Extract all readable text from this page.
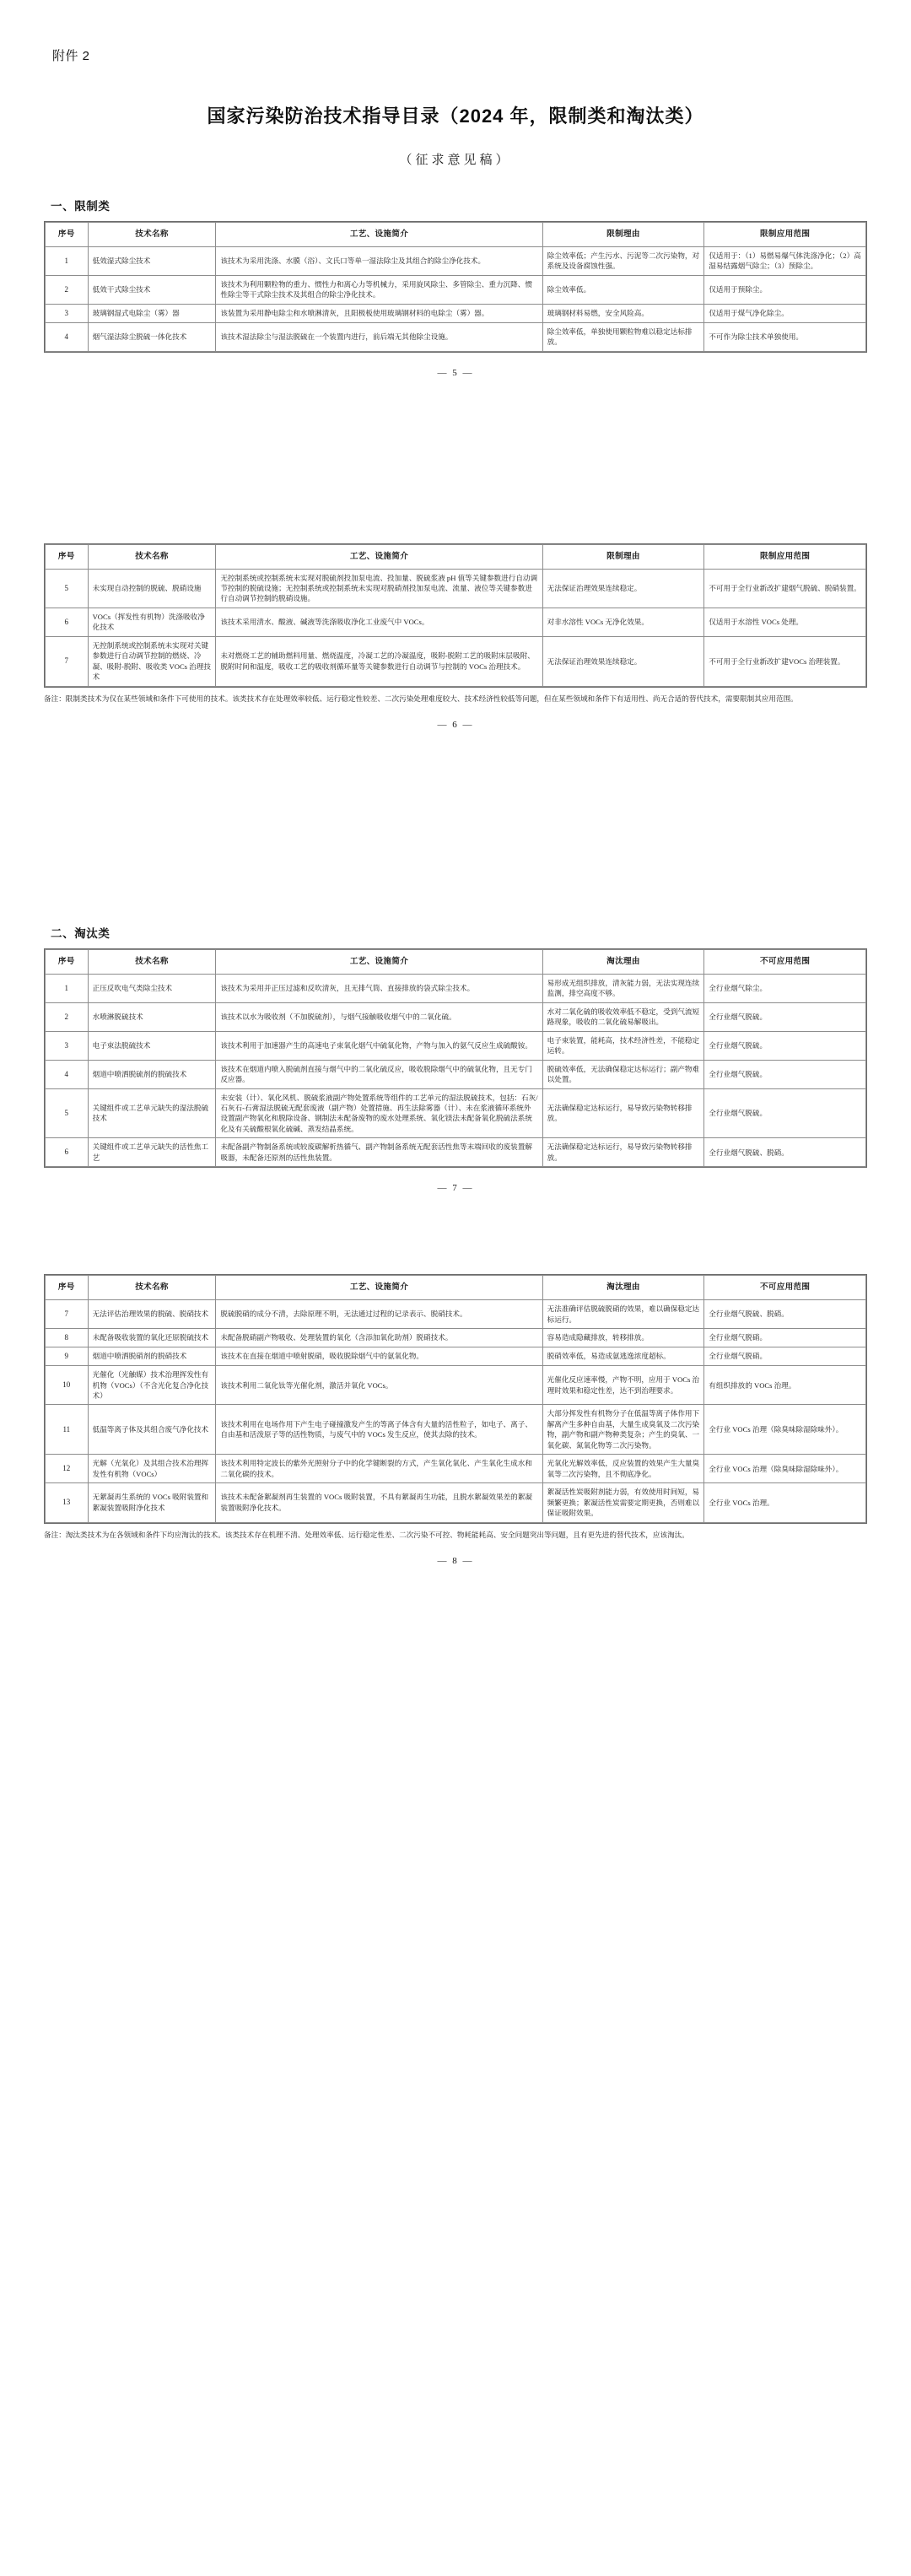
附件 2
国家污染防治技术指导目录（2024 年，限制类和淘汰类）
（征求意见稿）
一、限制类
序号	技术名称	工艺、设施简介	限制理由	限制应用范围
1	低效湿式除尘技术	该技术为采用洗涤、水膜（浴）、文氏口等单一湿法除尘及其组合的除尘净化技术。	除尘效率低；产生污水、污泥等二次污染物，对系统及设备腐蚀性强。	仅适用于：（1）易燃易爆气体洗涤净化；（2）高湿易结露烟气除尘；（3）预除尘。
2	低效干式除尘技术	该技术为利用颗粒物的重力、惯性力和离心力等机械力，采用旋风除尘、多管除尘、重力沉降、惯性除尘等干式除尘技术及其组合的除尘净化技术。	除尘效率低。	仅适用于预除尘。
3	玻璃钢湿式电除尘（雾）器	该装置为采用静电除尘和水喷淋清灰，且阳极板使用玻璃钢材料的电除尘（雾）器。	玻璃钢材料易燃，安全风险高。	仅适用于煤气净化除尘。
4	烟气湿法除尘脱硫一体化技术	该技术湿法除尘与湿法脱硫在一个装置内进行，前后端无其他除尘设施。	除尘效率低，单独使用颗粒物难以稳定达标排放。	不可作为除尘技术单独使用。
— 5 —
序号	技术名称	工艺、设施简介	限制理由	限制应用范围
5	未实现自动控制的脱硫、脱硝设施	无控制系统或控制系统未实现对脱硫剂投加泵电流、投加量、脱硫浆液 pH 值等关键参数进行自动调节控制的脱硫设施；无控制系统或控制系统未实现对脱硝剂投加泵电流、流量、液位等关键参数进行自动调节控制的脱硝设施。	无法保证治理效果连续稳定。	不可用于全行业新改扩建烟气脱硫、脱硝装置。
6	VOCs（挥发性有机物）洗涤吸收净化技术	该技术采用清水、酸液、碱液等洗涤吸收净化工业废气中 VOCs。	对非水溶性 VOCs 无净化效果。	仅适用于水溶性 VOCs 处理。
7	无控制系统或控制系统未实现对关键参数进行自动调节控制的燃烧、冷凝、吸附-脱附、吸收类 VOCs 治理技术	未对燃烧工艺的辅助燃料用量、燃烧温度，冷凝工艺的冷凝温度，吸附-脱附工艺的吸附床层吸附、脱附时间和温度，吸收工艺的吸收剂循环量等关键参数进行自动调节与控制的 VOCs 治理技术。	无法保证治理效果连续稳定。	不可用于全行业新改扩建VOCs 治理装置。
备注：限制类技术为仅在某些领域和条件下可使用的技术。该类技术存在处理效率较低、运行稳定性较差、二次污染处理难度较大、技术经济性较低等问题，但在某些领域和条件下有适用性、尚无合适的替代技术，需要限制其应用范围。
— 6 —
二、淘汰类
序号	技术名称	工艺、设施简介	淘汰理由	不可应用范围
1	正压反吹电气类除尘技术	该技术为采用并正压过滤和反吹清灰，且无排气筒、直接排放的袋式除尘技术。	易形成无组织排放，清灰能力弱，无法实现连续监测，排空高度不够。	全行业烟气除尘。
2	水喷淋脱硫技术	该技术以水为吸收剂（不加脱硫剂），与烟气接触吸收烟气中的二氧化硫。	水对二氧化硫的吸收效率低不稳定，受到气流短路现象，吸收的二氧化硫易解吸出。	全行业烟气脱硫。
3	电子束法脱硫技术	该技术利用于加速器产生的高速电子束氧化烟气中硫氧化物，产物与加入的氨气反应生成硫酸铵。	电子束装置，能耗高，技术经济性差，不能稳定运转。	全行业烟气脱硫。
4	烟道中喷洒脱硫剂的脱硫技术	该技术在烟道内喷入脱硫剂直接与烟气中的二氧化硫反应，吸收脱除烟气中的硫氧化物，且无专门反应器。	脱硫效率低，无法确保稳定达标运行；副产物难以处置。	全行业烟气脱硫。
5	关键组件或工艺单元缺失的湿法脱硫技术	未安装（计）、氧化风机、脱硫浆液副产物处置系统等组件的工艺单元的湿法脱硫技术，包括：石灰/石灰石-石膏湿法脱硫无配套废液（副产物）处置措施、再生法除雾器（计）、未在浆液循环系统外设置副产物氧化和脱除设备、钢制法未配备废物的废水处理系统、氧化镁法未配备氧化脱硫法系统化及有关硫酸根氧化硫碱、蒸发结晶系统。	无法确保稳定达标运行，易导致污染物转移排放。	全行业烟气脱硫。
6	关键组件或工艺单元缺失的活性焦工艺	未配备副产物制备系统或较废碳解析热循气、副产物制备系统无配套活性焦等末端回收的废装置解吸器，未配备还原剂的活性焦装置。	无法确保稳定达标运行，易导致污染物转移排放。	全行业烟气脱硫、脱硝。
— 7 —
序号	技术名称	工艺、设施简介	淘汰理由	不可应用范围
7	无法评估治理效果的脱硫、脱硝技术	脱硫脱硝的成分不清，去除原理不明，无法通过过程的记录表示、脱硝技术。	无法准确评估脱硫脱硝的效果，难以确保稳定达标运行。	全行业烟气脱硫、脱硝。
8	未配备吸收装置的氧化还原脱硫技术	未配备脱硝副产物吸收、处理装置的氧化（含添加氧化助剂）脱硝技术。	容易造成隐藏排放，转移排放。	全行业烟气脱硝。
9	烟道中喷洒脱硝剂的脱硝技术	该技术在直接在烟道中喷射脱硝，吸收脱除烟气中的氨氧化物。	脱硝效率低，易造成氨逃逸浓度超标。	全行业烟气脱硝。
10	光催化（光触媒）技术治理挥发性有机物（VOCs）（不含光化复合净化技术）	该技术利用二氧化钛等光催化剂，激活并氧化 VOCs。	光催化反应速率慢，产物不明，应用于 VOCs 治理时效果和稳定性差，达不到治理要求。	有组织排放的 VOCs 治理。
11	低温等离子体及其组合废气净化技术	该技术利用在电场作用下产生电子碰撞激发产生的等离子体含有大量的活性粒子，如电子、离子、自由基和活泼原子等的活性物质，与废气中的 VOCs 发生反应，使其去除的技术。	大部分挥发性有机物分子在低温等离子体作用下解离产生多种自由基，大量生成臭氧及二次污染物，副产物和副产物种类复杂；产生的臭氧、一氧化碳、氮氧化物等二次污染物。	全行业 VOCs 治理（除臭味除湿除味外）。
12	光解（光氧化）及其组合技术治理挥发性有机物（VOCs）	该技术利用特定波长的紫外光照射分子中的化学键断裂的方式，产生氧化氧化、产生氧化生成水和二氧化碳的技术。	光氧化光解效率低，反应装置的效果产生大量臭氧等二次污染物，且不彻底净化。	全行业 VOCs 治理（除臭味除湿除味外）。
13	无絮凝再生系统的 VOCs 吸附装置和絮凝装置吸附净化技术	该技术未配备絮凝剂再生装置的 VOCs 吸附装置，不具有絮凝再生功能，且脱水絮凝效果差的絮凝装置吸附净化技术。	絮凝活性炭吸附剂能力弱，有效使用时间短，易频繁更换；絮凝活性炭需要定期更换，否则难以保证吸附效果。	全行业 VOCs 治理。
备注：淘汰类技术为在各领域和条件下均应淘汰的技术。该类技术存在机理不清、处理效率低、运行稳定性差、二次污染不可控、物耗能耗高、安全问题突出等问题，且有更先进的替代技术，应该淘汰。
— 8 —
